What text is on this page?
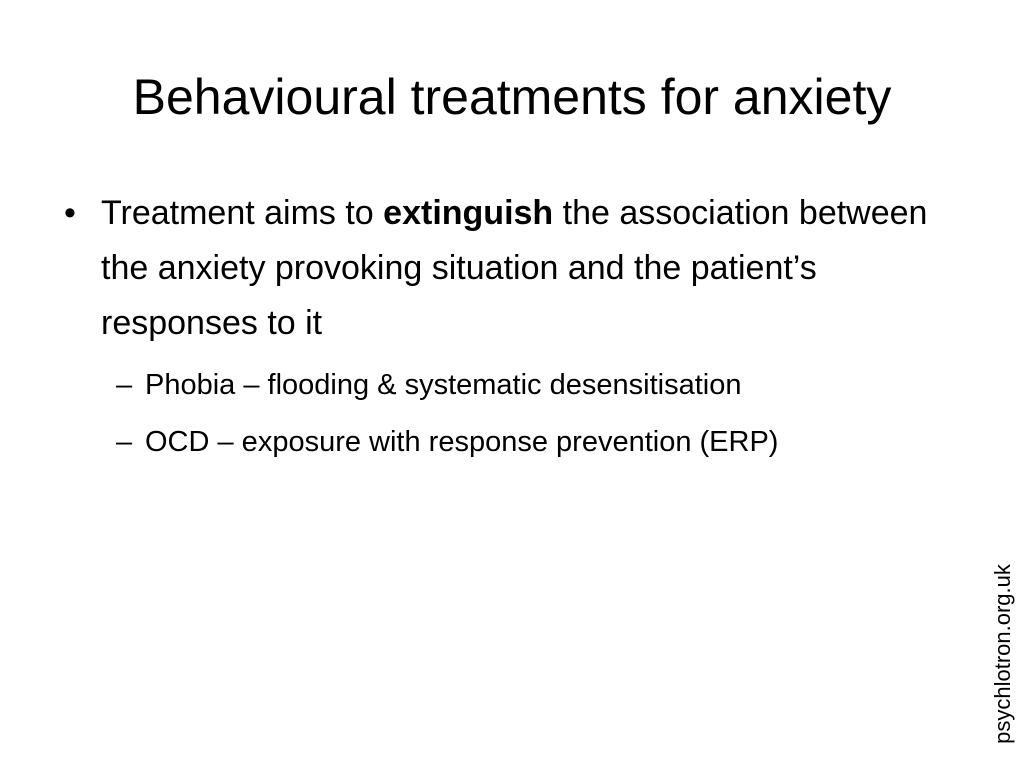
Behavioural treatments for anxiety
• Treatment aims to extinguish the association between the anxiety provoking situation and the patient’s responses to it
– Phobia – flooding & systematic desensitisation
– OCD – exposure with response prevention (ERP)
psychlotron.org.uk
